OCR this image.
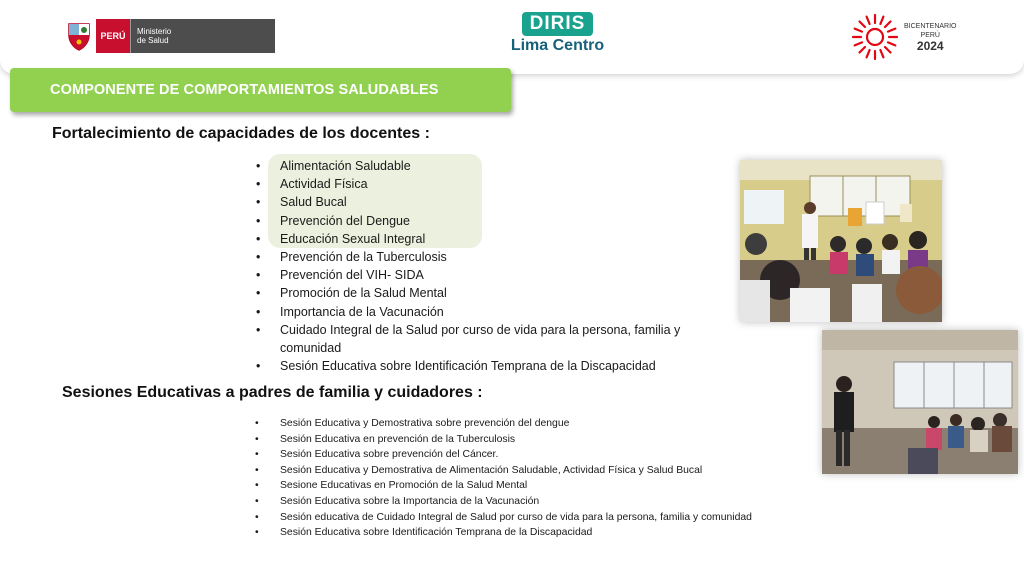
PERÚ	Ministerio
de Salud
DIRIS
Lima Centro
BICENTENARIO
PERÚ
2024
COMPONENTE DE COMPORTAMIENTOS SALUDABLES
Fortalecimiento de capacidades de los docentes :
• Alimentación Saludable
• Actividad Física
• Salud Bucal
• Prevención del Dengue
• Educación Sexual Integral
• Prevención de la Tuberculosis
• Prevención del VIH- SIDA
• Promoción de la Salud Mental
• Importancia de la Vacunación
• Cuidado Integral de la Salud por curso de vida para la persona, familia y comunidad
• Sesión Educativa sobre Identificación Temprana de la Discapacidad
Sesiones Educativas a padres de familia y cuidadores :
• Sesión Educativa y Demostrativa sobre prevención del dengue
• Sesión Educativa en prevención de la Tuberculosis
• Sesión Educativa sobre prevención del Cáncer.
• Sesión Educativa y Demostrativa de Alimentación Saludable, Actividad Física y Salud Bucal
• Sesione Educativas en Promoción de la Salud Mental
• Sesión Educativa sobre la Importancia de la Vacunación
• Sesión educativa de Cuidado Integral de Salud por curso de vida para la persona, familia y comunidad
• Sesión Educativa sobre Identificación Temprana de la Discapacidad
